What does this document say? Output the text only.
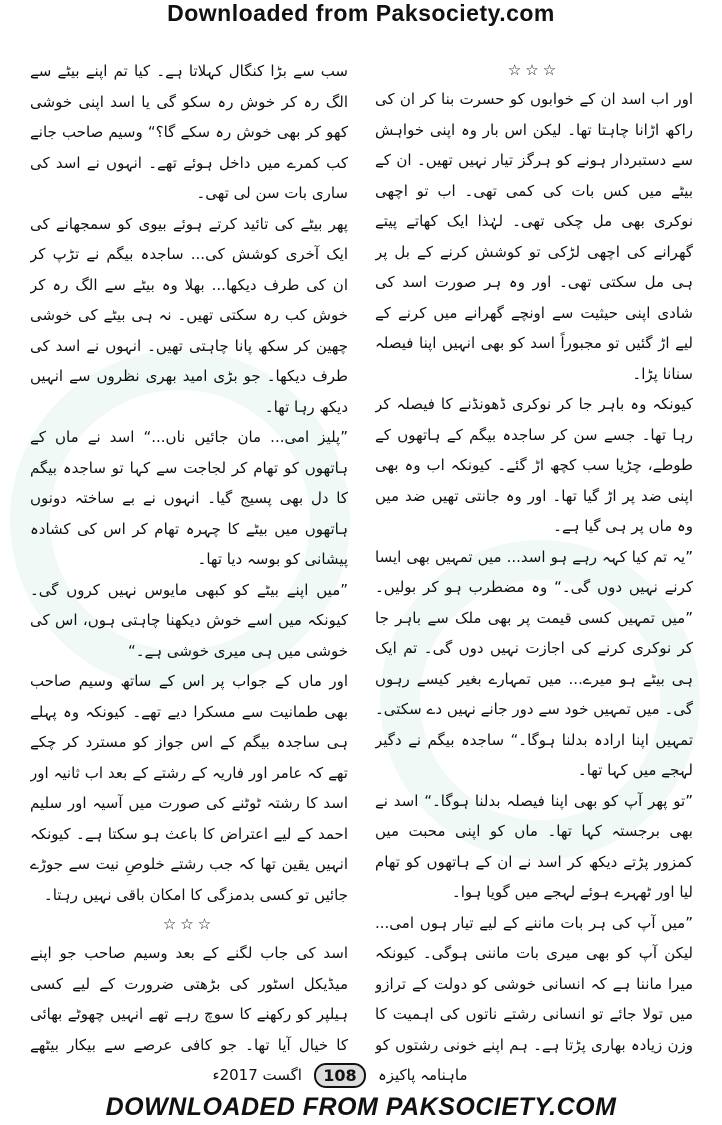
Downloaded from Paksociety.com
☆☆☆

اور اب اسد ان کے خوابوں کو حسرت بنا کر ان کی راکھ اڑانا چاہتا تھا۔ لیکن اس بار وہ اپنی خواہش سے دستبردار ہونے کو ہرگز تیار نہیں تھیں۔ ان کے بیٹے میں کس بات کی کمی تھی۔ اب تو اچھی نوکری بھی مل چکی تھی۔ لہٰذا ایک کھاتے پیتے گھرانے کی اچھی لڑکی تو کوشش کرنے کے بل پر ہی مل سکتی تھی۔ اور وہ ہر صورت اسد کی شادی اپنی حیثیت سے اونچے گھرانے میں کرنے کے لیے اڑ گئیں تو مجبوراً اسد کو بھی انہیں اپنا فیصلہ سنانا پڑا۔

کیونکہ وہ باہر جا کر نوکری ڈھونڈنے کا فیصلہ کر رہا تھا۔ جسے سن کر ساجدہ بیگم کے ہاتھوں کے طوطے، چڑیا سب کچھ اڑ گئے۔ کیونکہ اب وہ بھی اپنی ضد پر اڑ گیا تھا۔ اور وہ جانتی تھیں ضد میں وہ ماں پر ہی گیا ہے۔

”یہ تم کیا کہہ رہے ہو اسد... میں تمہیں بھی ایسا کرنے نہیں دوں گی۔“ وہ مضطرب ہو کر بولیں۔ ”میں تمہیں کسی قیمت پر بھی ملک سے باہر جا کر نوکری کرنے کی اجازت نہیں دوں گی۔ تم ایک ہی بیٹے ہو میرے... میں تمہارے بغیر کیسے رہوں گی۔ میں تمہیں خود سے دور جانے نہیں دے سکتی۔ تمہیں اپنا ارادہ بدلنا ہوگا۔“ ساجدہ بیگم نے دگیر لہجے میں کہا تھا۔

”تو پھر آپ کو بھی اپنا فیصلہ بدلنا ہوگا۔“ اسد نے بھی برجستہ کہا تھا۔ ماں کو اپنی محبت میں کمزور پڑتے دیکھ کر اسد نے ان کے ہاتھوں کو تھام لیا اور ٹھہرے ہوئے لہجے میں گویا ہوا۔

”میں آپ کی ہر بات ماننے کے لیے تیار ہوں امی... لیکن آپ کو بھی میری بات ماننی ہوگی۔ کیونکہ میرا ماننا ہے کہ انسانی خوشی کو دولت کے ترازو میں تولا جائے تو انسانی رشتے ناتوں کی اہمیت کا وزن زیادہ بھاری پڑتا ہے۔ ہم اپنے خونی رشتوں کو

سب سے بڑا کنگال کہلاتا ہے۔ کیا تم اپنے بیٹے سے الگ رہ کر خوش رہ سکو گی یا اسد اپنی خوشی کھو کر بھی خوش رہ سکے گا؟“ وسیم صاحب جانے کب کمرے میں داخل ہوئے تھے۔ انہوں نے اسد کی ساری بات سن لی تھی۔

پھر بیٹے کی تائید کرتے ہوئے بیوی کو سمجھانے کی ایک آخری کوشش کی... ساجدہ بیگم نے تڑپ کر ان کی طرف دیکھا... بھلا وہ بیٹے سے الگ رہ کر خوش کب رہ سکتی تھیں۔ نہ ہی بیٹے کی خوشی چھین کر سکھ پانا چاہتی تھیں۔ انہوں نے اسد کی طرف دیکھا۔ جو بڑی امید بھری نظروں سے انہیں دیکھ رہا تھا۔

”پلیز امی... مان جائیں ناں...“ اسد نے ماں کے ہاتھوں کو تھام کر لجاجت سے کہا تو ساجدہ بیگم کا دل بھی پسیج گیا۔ انہوں نے بے ساختہ دونوں ہاتھوں میں بیٹے کا چہرہ تھام کر اس کی کشادہ پیشانی کو بوسہ دیا تھا۔

”میں اپنے بیٹے کو کبھی مایوس نہیں کروں گی۔ کیونکہ میں اسے خوش دیکھنا چاہتی ہوں، اس کی خوشی میں ہی میری خوشی ہے۔“

اور ماں کے جواب پر اس کے ساتھ وسیم صاحب بھی طمانیت سے مسکرا دیے تھے۔ کیونکہ وہ پہلے ہی ساجدہ بیگم کے اس جواز کو مسترد کر چکے تھے کہ عامر اور فاریہ کے رشتے کے بعد اب ثانیہ اور اسد کا رشتہ ٹوٹنے کی صورت میں آسیہ اور سلیم احمد کے لیے اعتراض کا باعث ہو سکتا ہے۔ کیونکہ انہیں یقین تھا کہ جب رشتے خلوصِ نیت سے جوڑے جائیں تو کسی بدمزگی کا امکان باقی نہیں رہتا۔

☆☆☆

اسد کی جاب لگنے کے بعد وسیم صاحب جو اپنے میڈیکل اسٹور کی بڑھتی ضرورت کے لیے کسی ہیلپر کو رکھنے کا سوچ رہے تھے انہیں چھوٹے بھائی کا خیال آیا تھا۔ جو کافی عرصے سے بیکار بیٹھے

ماہنامہ پاکیزہ
108
اگست 2017ء
DOWNLOADED FROM PAKSOCIETY.COM
